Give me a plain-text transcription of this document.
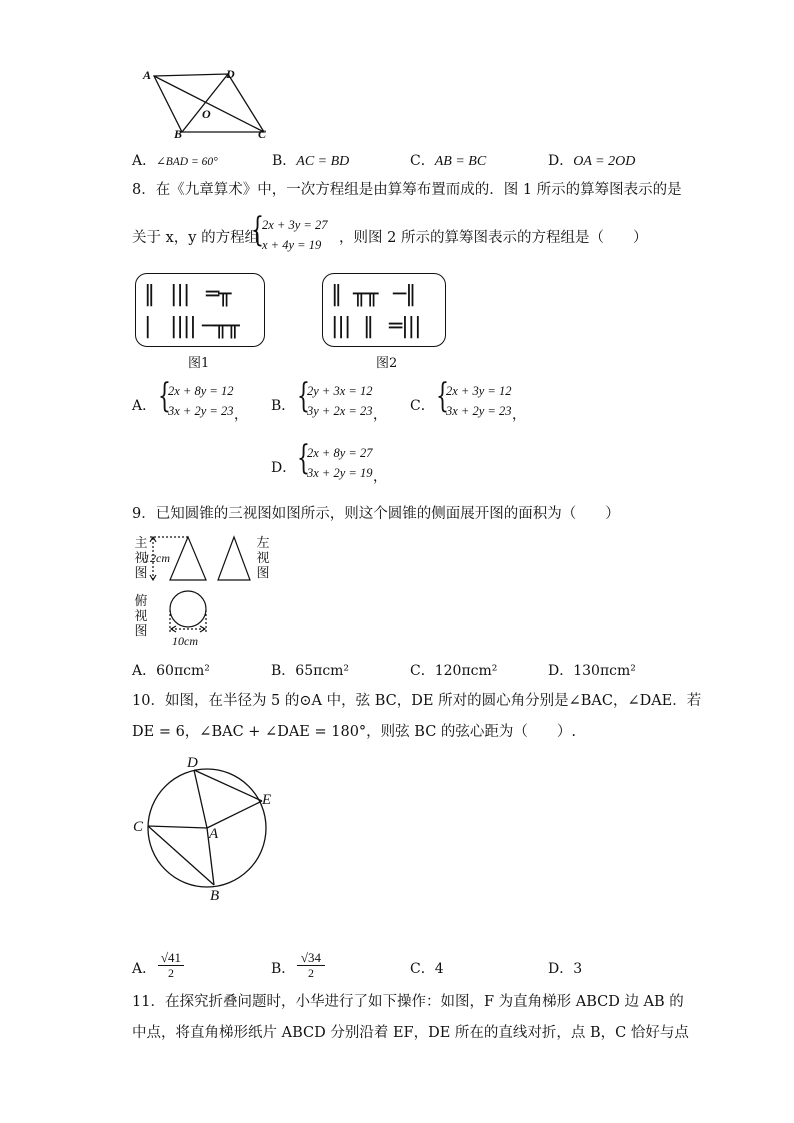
A	D
O
B	C
A．∠BAD = 60°	B．AC = BD	C．AB = BC	D．OA = 2OD
8．在《九章算术》中，一次方程组是由算筹布置而成的．图 1 所示的算筹图表示的是
关于 x，y 的方程组
{
2x + 3y = 27
x + 4y = 19	，则图 2 所示的算筹图表示的方程组是（　　）
‖ ||| ═╥
| |||| ─╥╥
图1
‖ ╥╥ ─‖
||| ‖ ═|||
图2
A． {
2x + 8y = 12
3x + 2y = 23 ，
B． {
2y + 3x = 12
3y + 2x = 23 ，
C． {
2x + 3y = 12
3x + 2y = 23 ，
D． {
2x + 8y = 27
3x + 2y = 19 ，
9．已知圆锥的三视图如图所示，则这个圆锥的侧面展开图的面积为（　　）
主视图
左视图
俯视图
12cm
10cm
A．60πcm²	B．65πcm²	C．120πcm²	D．130πcm²
10．如图，在半径为 5 的⊙A 中，弦 BC，DE 所对的圆心角分别是∠BAC，∠DAE．若
DE = 6，∠BAC + ∠DAE = 180°，则弦 BC 的弦心距为（　　）.
D
E
C	A
B
A． $\frac{√41}{2}$	B． $\frac{√34}{2}$	C．4	D．3
11．在探究折叠问题时，小华进行了如下操作：如图，F 为直角梯形 ABCD 边 AB 的
中点，将直角梯形纸片 ABCD 分别沿着 EF，DE 所在的直线对折，点 B，C 恰好与点
